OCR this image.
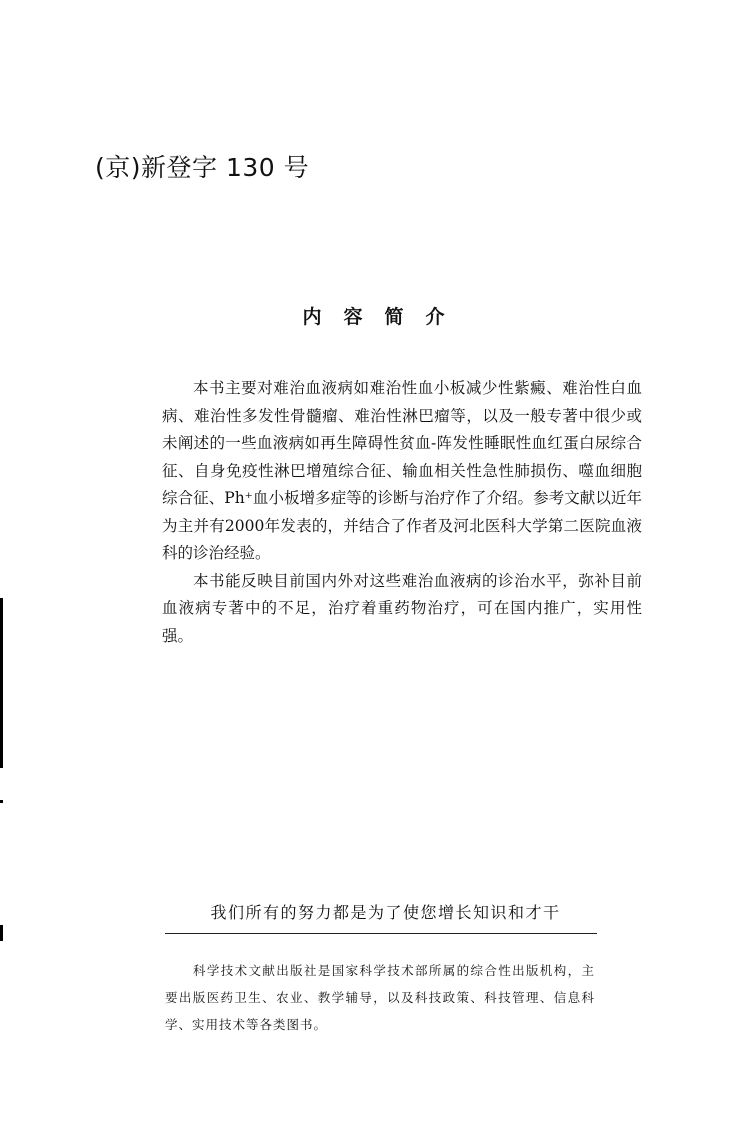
(京)新登字 130 号
内容简介

本书主要对难治血液病如难治性血小板减少性紫癜、难治性白血病、难治性多发性骨髓瘤、难治性淋巴瘤等，以及一般专著中很少或未阐述的一些血液病如再生障碍性贫血-阵发性睡眠性血红蛋白尿综合征、自身免疫性淋巴增殖综合征、输血相关性急性肺损伤、噬血细胞综合征、Ph⁺血小板增多症等的诊断与治疗作了介绍。参考文献以近年为主并有2000年发表的，并结合了作者及河北医科大学第二医院血液科的诊治经验。

本书能反映目前国内外对这些难治血液病的诊治水平，弥补目前血液病专著中的不足，治疗着重药物治疗，可在国内推广，实用性强。

我们所有的努力都是为了使您增长知识和才干

科学技术文献出版社是国家科学技术部所属的综合性出版机构，主要出版医药卫生、农业、教学辅导，以及科技政策、科技管理、信息科学、实用技术等各类图书。
